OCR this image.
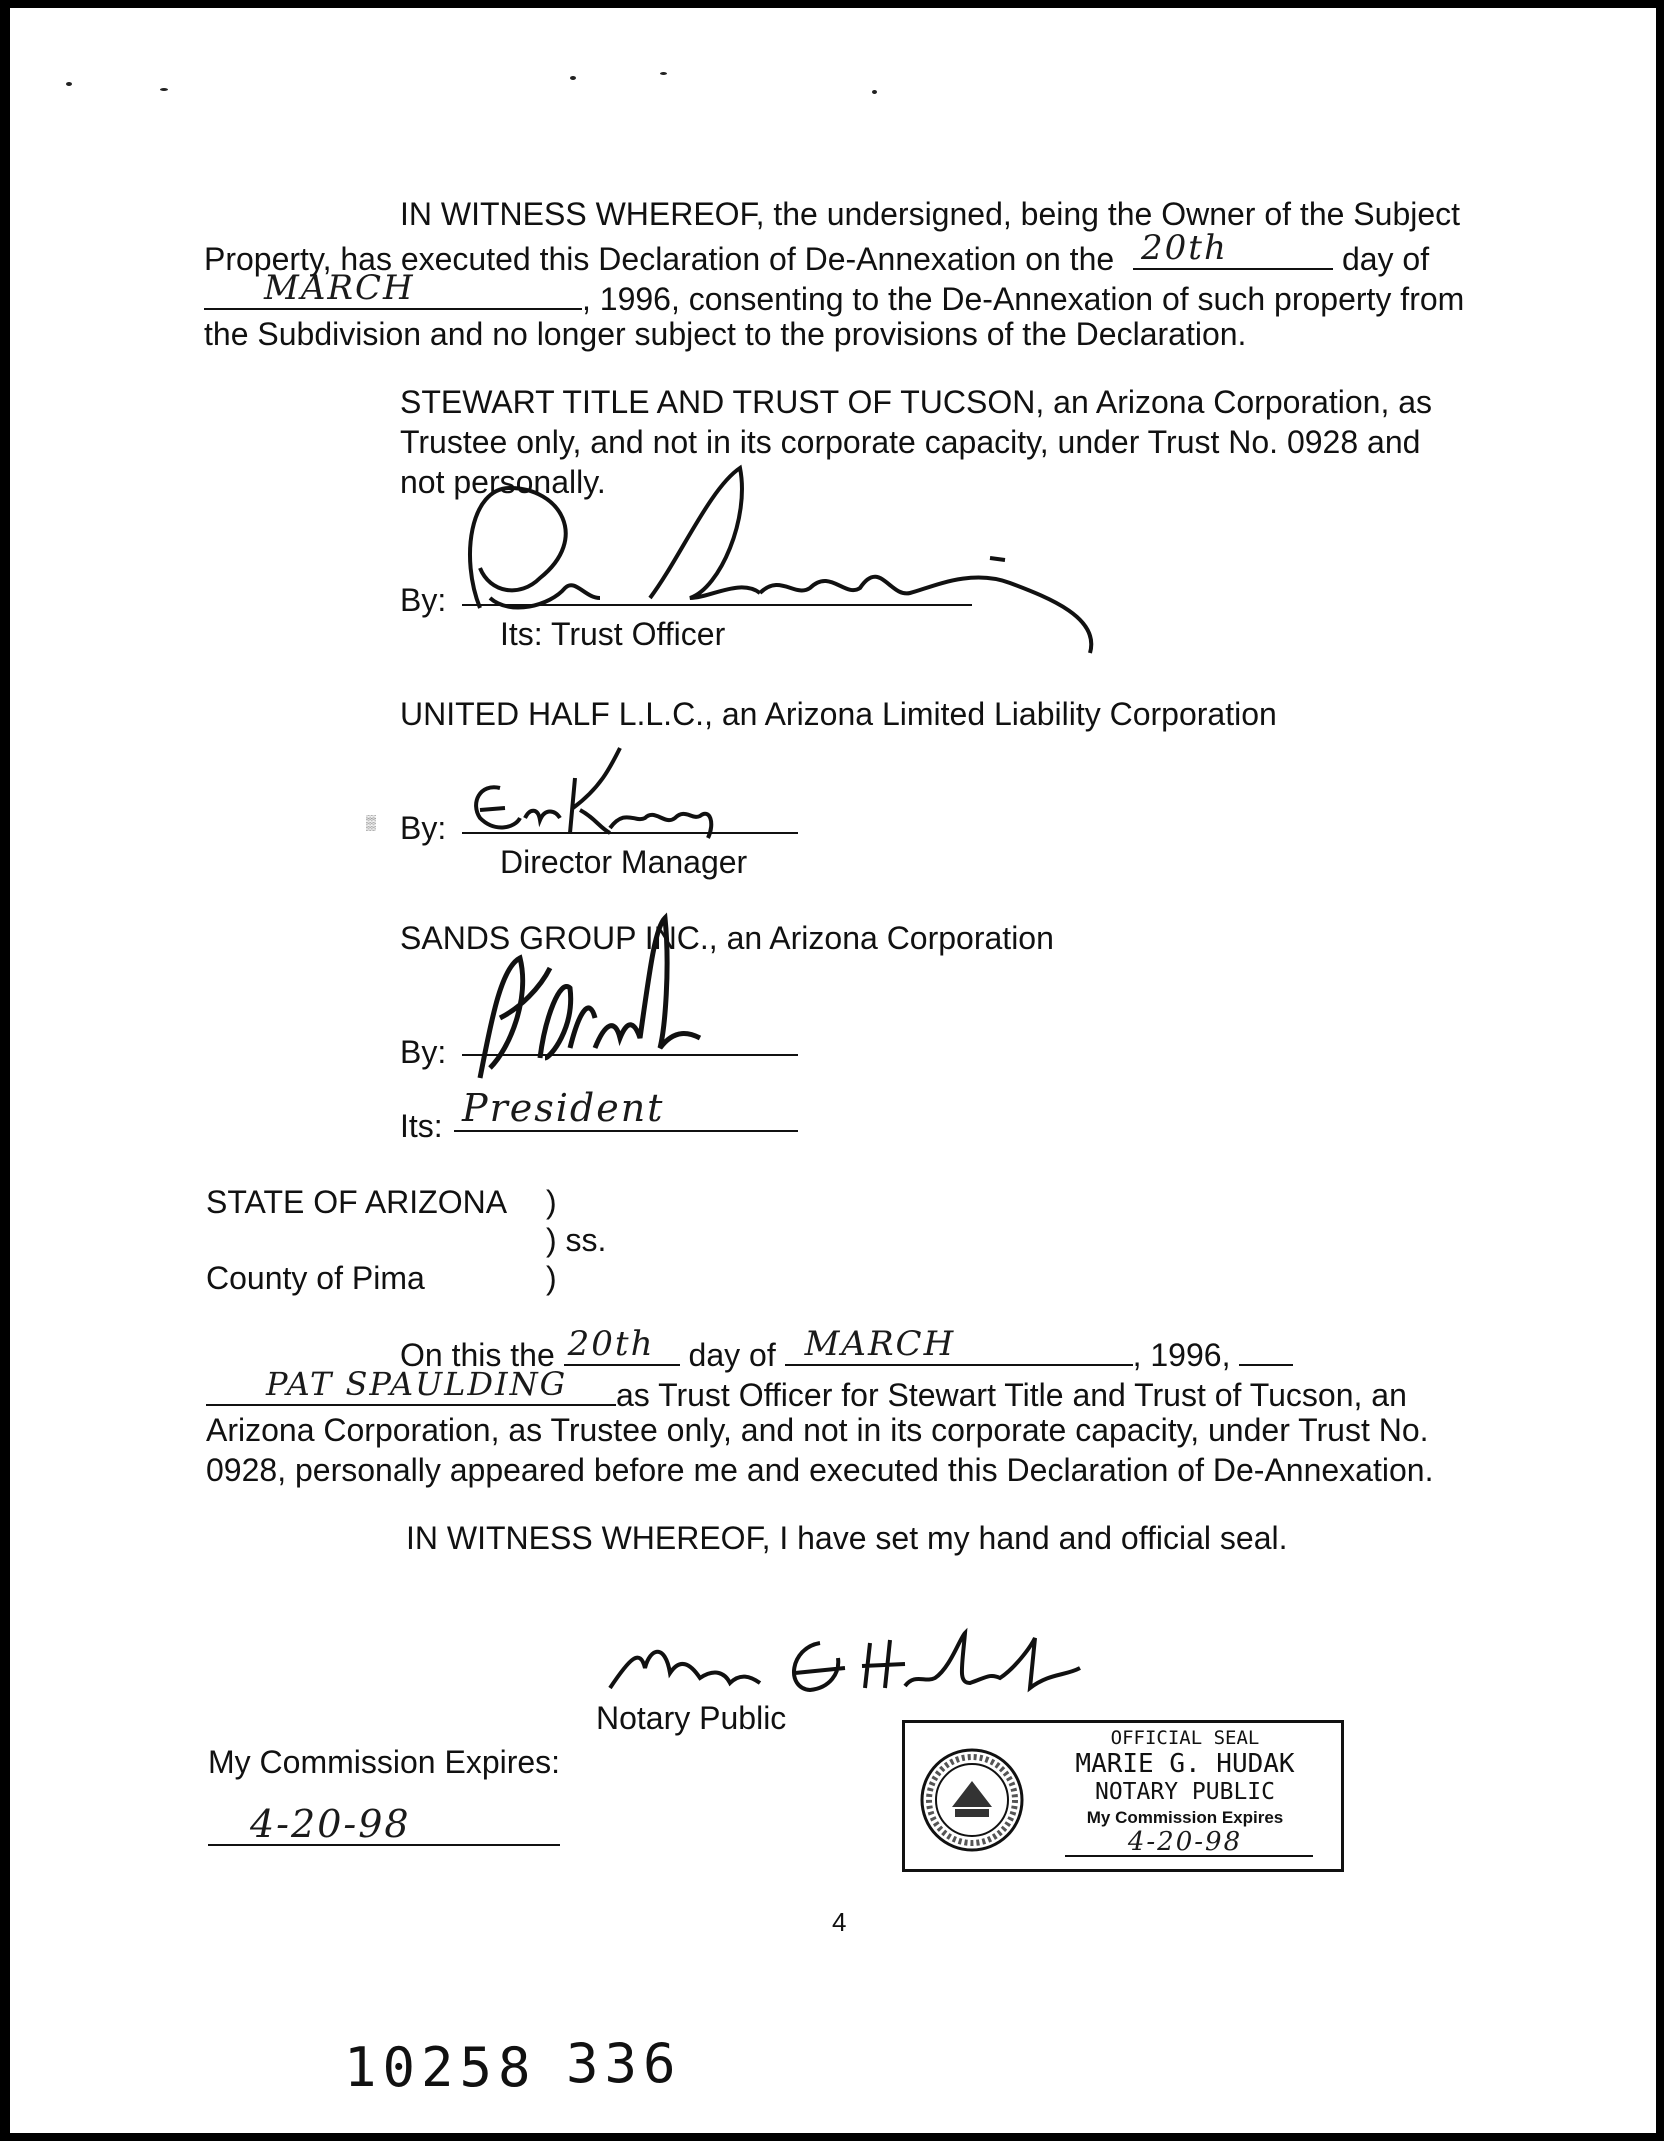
IN WITNESS WHEREOF, the undersigned, being the Owner of the Subject
Property, has executed this Declaration of De-Annexation on the 20th	day of
MARCH	, 1996, consenting to the De-Annexation of such property from
the Subdivision and no longer subject to the provisions of the Declaration.
STEWART TITLE AND TRUST OF TUCSON, an Arizona Corporation, as
Trustee only, and not in its corporate capacity, under Trust No. 0928 and
not personally.
By:
Its: Trust Officer
UNITED HALF L.L.C., an Arizona Limited Liability Corporation
▒ By:
Director Manager
SANDS GROUP INC., an Arizona Corporation
By:
Its: President
STATE OF ARIZONA )
) ss.
County of Pima	)
On this the 20th day of MARCH	, 1996,
PAT SPAULDING as Trust Officer for Stewart Title and Trust of Tucson, an
Arizona Corporation, as Trustee only, and not in its corporate capacity, under Trust No.
0928, personally appeared before me and executed this Declaration of De-Annexation.
IN WITNESS WHEREOF, I have set my hand and official seal.
Notary Public
My Commission Expires:
4-20-98
OFFICIAL SEAL
MARIE G. HUDAK
NOTARY PUBLIC
My Commission Expires
4-20-98
4
10258 336
